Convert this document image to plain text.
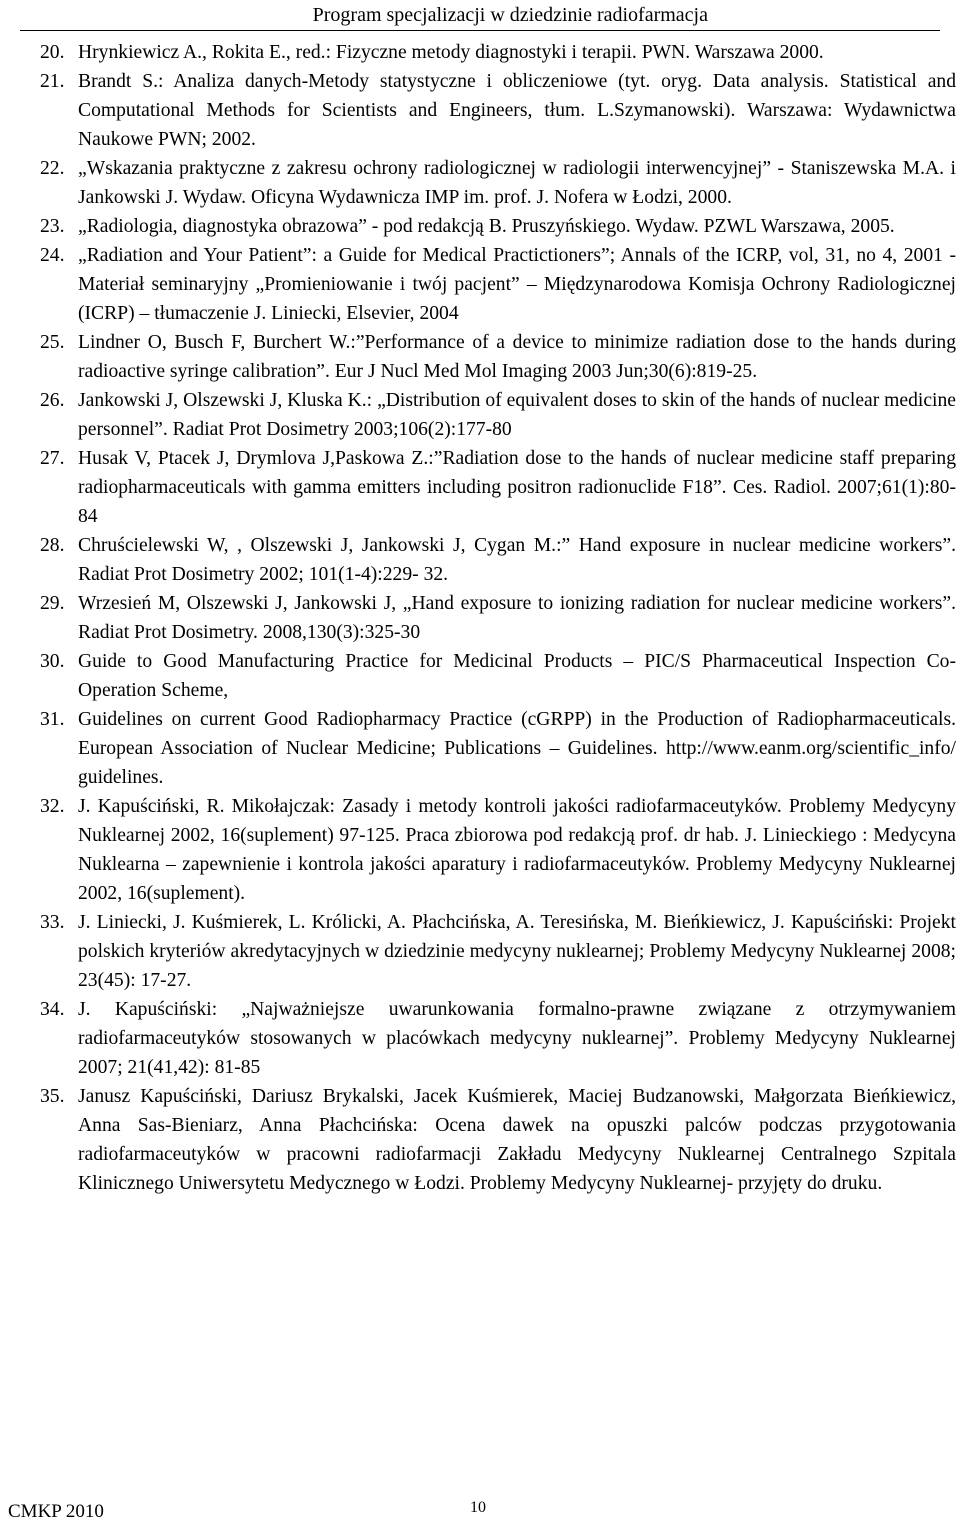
Program specjalizacji w dziedzinie radiofarmacja
20. Hrynkiewicz A., Rokita E., red.: Fizyczne metody diagnostyki i terapii. PWN. Warszawa 2000.
21. Brandt S.: Analiza danych-Metody statystyczne i obliczeniowe (tyt. oryg. Data analysis. Statistical and Computational Methods for Scientists and Engineers, tłum. L.Szymanowski). Warszawa: Wydawnictwa Naukowe PWN; 2002.
22. „Wskazania praktyczne z zakresu ochrony radiologicznej w radiologii interwencyjnej” - Staniszewska M.A. i Jankowski J. Wydaw. Oficyna Wydawnicza IMP im. prof. J. Nofera w Łodzi, 2000.
23. „Radiologia, diagnostyka obrazowa” - pod redakcją B. Pruszyńskiego. Wydaw. PZWL Warszawa, 2005.
24. „Radiation and Your Patient”: a Guide for Medical Practictioners”; Annals of the ICRP, vol, 31, no 4, 2001 - Materiał seminaryjny „Promieniowanie i twój pacjent” – Międzynarodowa Komisja Ochrony Radiologicznej (ICRP) – tłumaczenie J. Liniecki, Elsevier, 2004
25. Lindner O, Busch F, Burchert W.:”Performance of a device to minimize radiation dose to the hands during radioactive syringe calibration”. Eur J Nucl Med Mol Imaging 2003 Jun;30(6):819-25.
26. Jankowski J, Olszewski J, Kluska K.: „Distribution of equivalent doses to skin of the hands of nuclear medicine personnel”. Radiat Prot Dosimetry 2003;106(2):177-80
27. Husak V, Ptacek J, Drymlova J,Paskowa Z.:”Radiation dose to the hands of nuclear medicine staff preparing radiopharmaceuticals with gamma emitters including positron radionuclide F18”. Ces. Radiol. 2007;61(1):80-84
28. Chruścielewski W, , Olszewski J, Jankowski J, Cygan M.:” Hand exposure in nuclear medicine workers”. Radiat Prot Dosimetry 2002; 101(1-4):229- 32.
29. Wrzesień M, Olszewski J, Jankowski J, „Hand exposure to ionizing radiation for nuclear medicine workers”. Radiat Prot Dosimetry. 2008,130(3):325-30
30. Guide to Good Manufacturing Practice for Medicinal Products – PIC/S Pharmaceutical Inspection Co-Operation Scheme,
31. Guidelines on current Good Radiopharmacy Practice (cGRPP) in the Production of Radiopharmaceuticals. European Association of Nuclear Medicine; Publications – Guidelines. http://www.eanm.org/scientific_info/ guidelines.
32. J. Kapuściński, R. Mikołajczak: Zasady i metody kontroli jakości radiofarmaceutyków. Problemy Medycyny Nuklearnej 2002, 16(suplement) 97-125. Praca zbiorowa pod redakcją prof. dr hab. J. Linieckiego : Medycyna Nuklearna – zapewnienie i kontrola jakości aparatury i radiofarmaceutyków. Problemy Medycyny Nuklearnej 2002, 16(suplement).
33. J. Liniecki, J. Kuśmierek, L. Królicki, A. Płachcińska, A. Teresińska, M. Bieńkiewicz, J. Kapuściński: Projekt polskich kryteriów akredytacyjnych w dziedzinie medycyny nuklearnej; Problemy Medycyny Nuklearnej 2008; 23(45): 17-27.
34. J. Kapuściński: „Najważniejsze uwarunkowania formalno-prawne związane z otrzymywaniem radiofarmaceutyków stosowanych w placówkach medycyny nuklearnej”. Problemy Medycyny Nuklearnej 2007; 21(41,42): 81-85
35. Janusz Kapuściński, Dariusz Brykalski, Jacek Kuśmierek, Maciej Budzanowski, Małgorzata Bieńkiewicz, Anna Sas-Bieniarz, Anna Płachcińska: Ocena dawek na opuszki palców podczas przygotowania radiofarmaceutyków w pracowni radiofarmacji Zakładu Medycyny Nuklearnej Centralnego Szpitala Klinicznego Uniwersytetu Medycznego w Łodzi. Problemy Medycyny Nuklearnej- przyjęty do druku.
CMKP 2010	10
